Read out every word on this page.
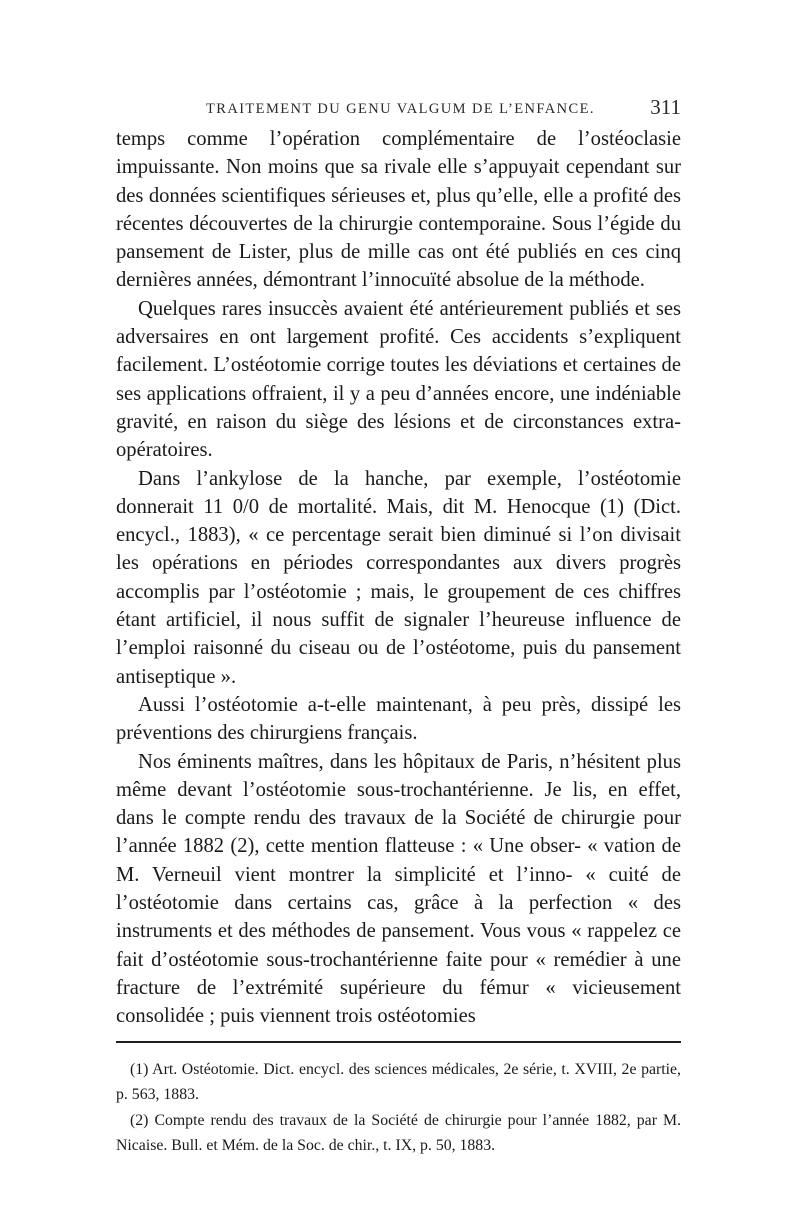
TRAITEMENT DU GENU VALGUM DE L’ENFANCE.	311

temps comme l’opération complémentaire de l’ostéoclasie impuissante. Non moins que sa rivale elle s’appuyait cependant sur des données scientifiques sérieuses et, plus qu’elle, elle a profité des récentes découvertes de la chirurgie contemporaine. Sous l’égide du pansement de Lister, plus de mille cas ont été publiés en ces cinq dernières années, démontrant l’innocuïté absolue de la méthode.

Quelques rares insuccès avaient été antérieurement publiés et ses adversaires en ont largement profité. Ces accidents s’expliquent facilement. L’ostéotomie corrige toutes les déviations et certaines de ses applications offraient, il y a peu d’années encore, une indéniable gravité, en raison du siège des lésions et de circonstances extra-opératoires.

Dans l’ankylose de la hanche, par exemple, l’ostéotomie donnerait 11 0/0 de mortalité. Mais, dit M. Henocque (1) (Dict. encycl., 1883), « ce percentage serait bien diminué si l’on divisait les opérations en périodes correspondantes aux divers progrès accomplis par l’ostéotomie ; mais, le groupement de ces chiffres étant artificiel, il nous suffit de signaler l’heureuse influence de l’emploi raisonné du ciseau ou de l’ostéotome, puis du pansement antiseptique ».

Aussi l’ostéotomie a-t-elle maintenant, à peu près, dissipé les préventions des chirurgiens français.

Nos éminents maîtres, dans les hôpitaux de Paris, n’hésitent plus même devant l’ostéotomie sous-trochantérienne. Je lis, en effet, dans le compte rendu des travaux de la Société de chirurgie pour l’année 1882 (2), cette mention flatteuse : « Une obser- « vation de M. Verneuil vient montrer la simplicité et l’inno- « cuité de l’ostéotomie dans certains cas, grâce à la perfection « des instruments et des méthodes de pansement. Vous vous « rappelez ce fait d’ostéotomie sous-trochantérienne faite pour « remédier à une fracture de l’extrémité supérieure du fémur « vicieusement consolidée ; puis viennent trois ostéotomies

(1) Art. Ostéotomie. Dict. encycl. des sciences médicales, 2e série, t. XVIII, 2e partie, p. 563, 1883.

(2) Compte rendu des travaux de la Société de chirurgie pour l’année 1882, par M. Nicaise. Bull. et Mém. de la Soc. de chir., t. IX, p. 50, 1883.
